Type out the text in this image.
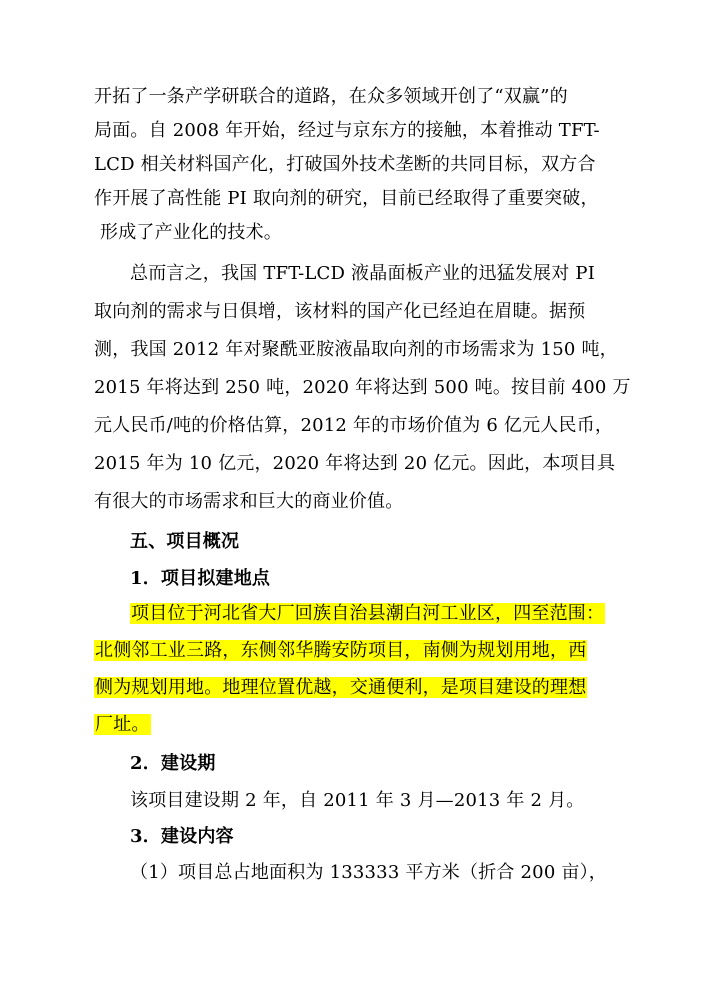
开拓了一条产学研联合的道路，在众多领域开创了“双赢”的
局面。自 2008 年开始，经过与京东方的接触，本着推动 TFT-
LCD 相关材料国产化，打破国外技术垄断的共同目标，双方合
作开展了高性能 PI 取向剂的研究，目前已经取得了重要突破，
形成了产业化的技术。
总而言之，我国 TFT-LCD 液晶面板产业的迅猛发展对 PI
取向剂的需求与日俱增，该材料的国产化已经迫在眉睫。据预
测，我国 2012 年对聚酰亚胺液晶取向剂的市场需求为 150 吨，
2015 年将达到 250 吨，2020 年将达到 500 吨。按目前 400 万
元人民币/吨的价格估算，2012 年的市场价值为 6 亿元人民币，
2015 年为 10 亿元，2020 年将达到 20 亿元。因此，本项目具
有很大的市场需求和巨大的商业价值。
五、项目概况
1．项目拟建地点
项目位于河北省大厂回族自治县潮白河工业区，四至范围：
北侧邻工业三路，东侧邻华腾安防项目，南侧为规划用地，西
侧为规划用地。地理位置优越，交通便利，是项目建设的理想
厂址。
2．建设期
该项目建设期 2 年，自 2011 年 3 月—2013 年 2 月。
3．建设内容
（1）项目总占地面积为 133333 平方米（折合 200 亩），
